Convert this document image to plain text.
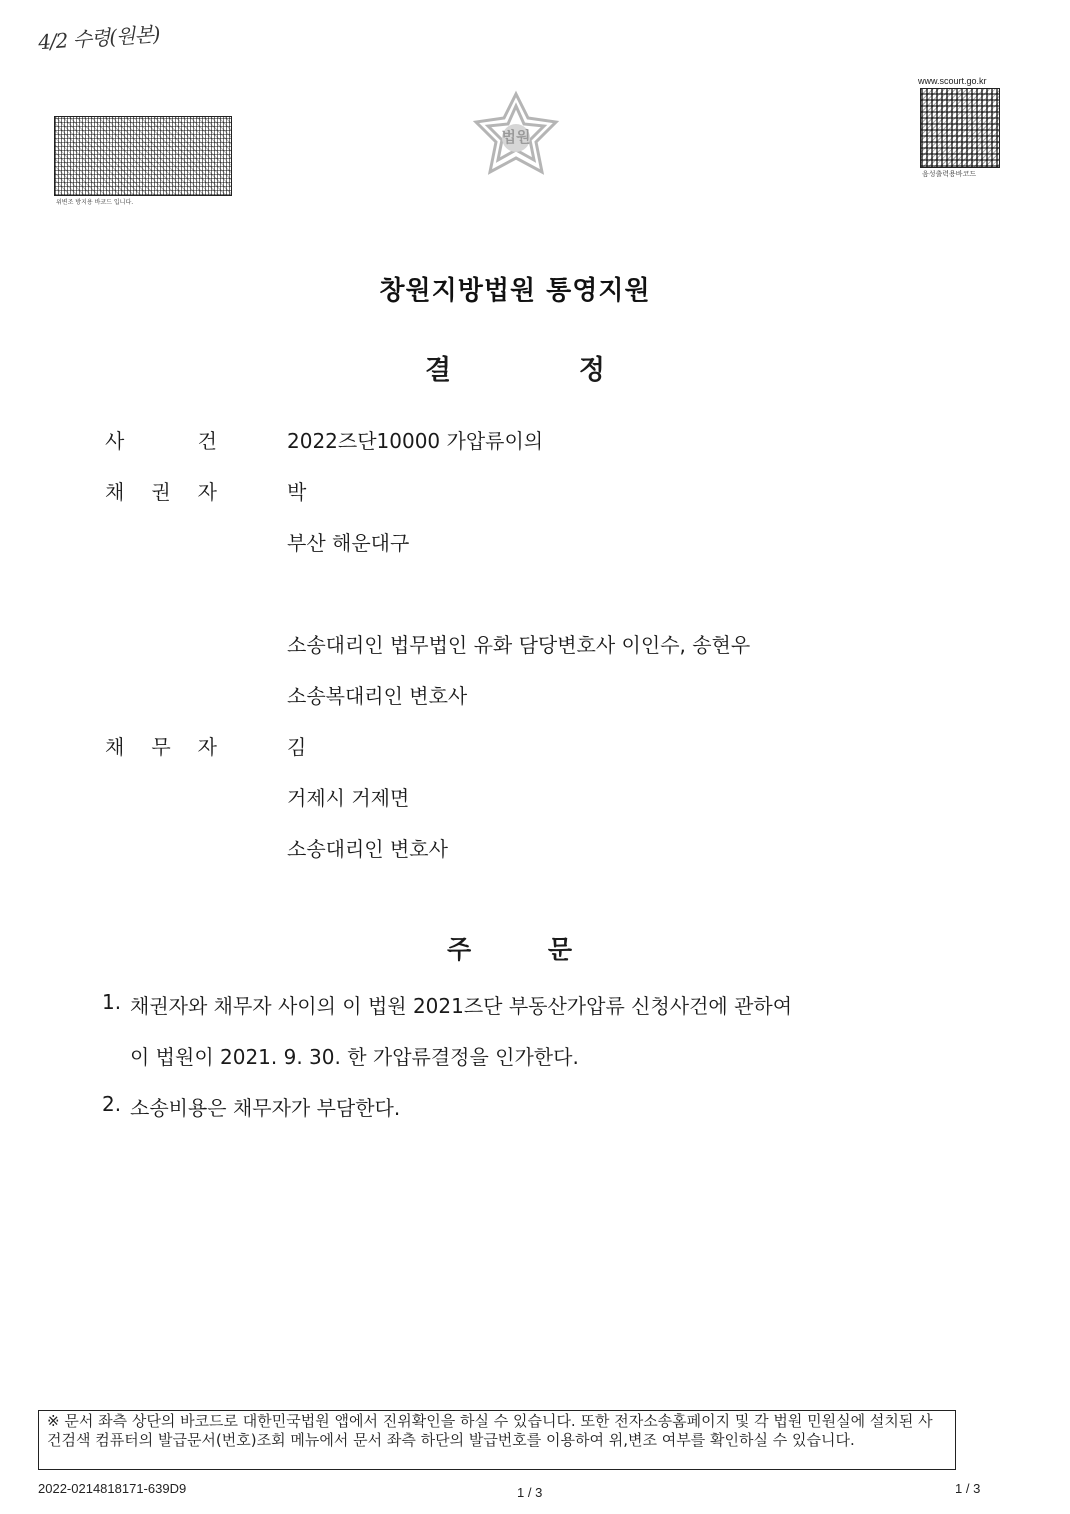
4/2 수령(원본)
위변조 방지용 바코드 입니다.
법원
www.scourt.go.kr
음성출력용바코드
창원지방법원 통영지원
결	정
사	건	2022즈단10000 가압류이의
채 권 자	박
부산 해운대구
소송대리인 법무법인 유화 담당변호사 이인수, 송현우
소송복대리인 변호사
채 무 자	김
거제시 거제면
소송대리인 변호사
주	문
1. 채권자와 채무자 사이의 이 법원 2021즈단 부동산가압류 신청사건에 관하여
이 법원이 2021. 9. 30. 한 가압류결정을 인가한다.
2. 소송비용은 채무자가 부담한다.
※ 문서 좌측 상단의 바코드로 대한민국법원 앱에서 진위확인을 하실 수 있습니다. 또한 전자소송홈페이지 및 각 법원 민원실에 설치된 사건검색 컴퓨터의 발급문서(번호)조회 메뉴에서 문서 좌측 하단의 발급번호를 이용하여 위,변조 여부를 확인하실 수 있습니다.
2022-0214818171-639D9	1 / 3	1 / 3
